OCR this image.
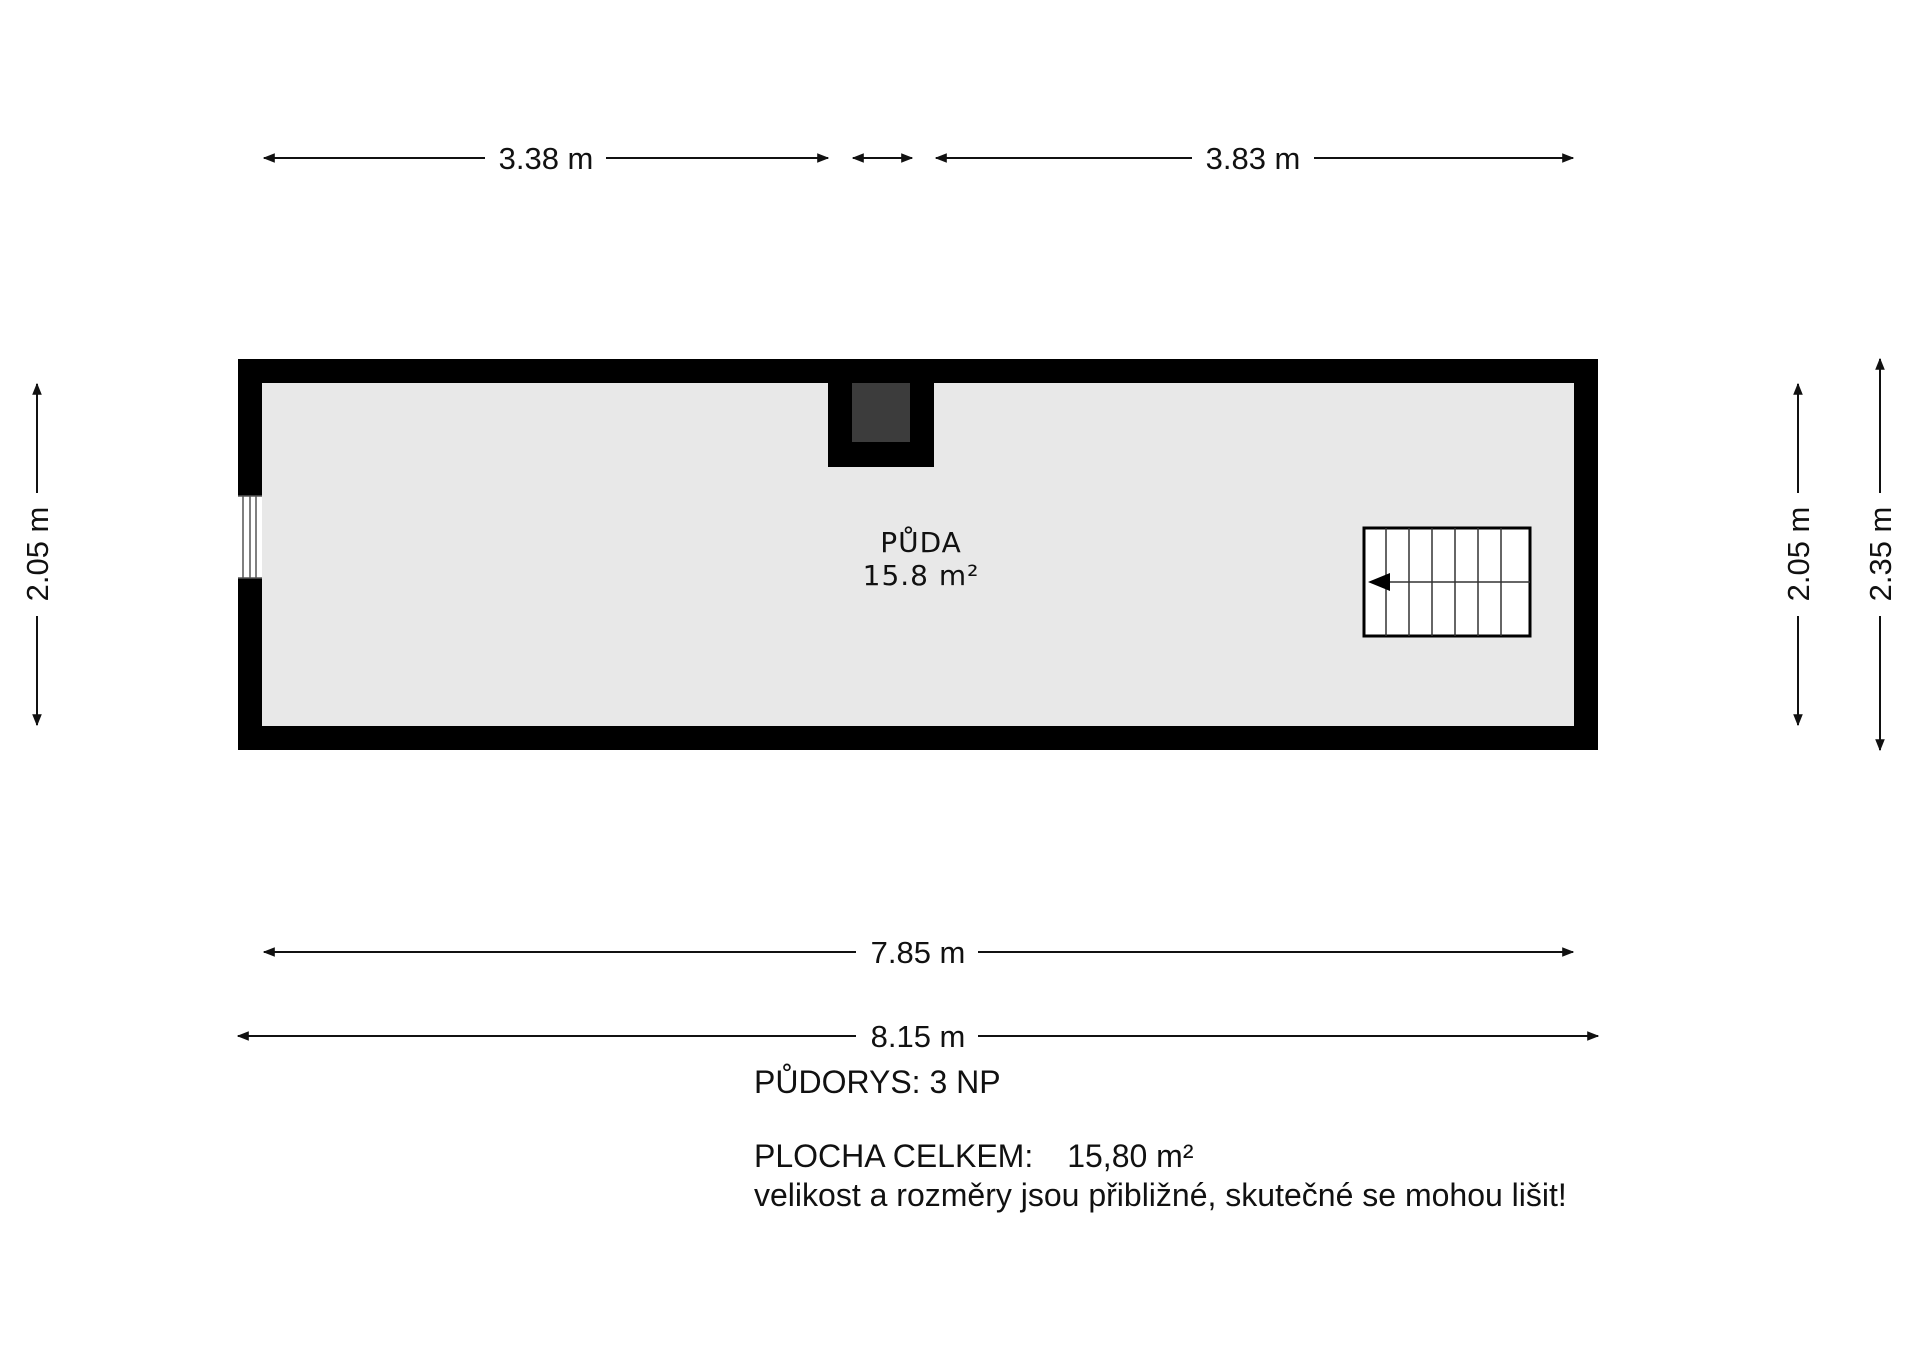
3.38 m	3.83 m
2.05 m	2.05 m 2.35 m
PŮDA
15.8 m²
7.85 m
8.15 m
PŮDORYS: 3 NP
PLOCHA CELKEM: 15,80 m²
velikost a rozměry jsou přibližné, skutečné se mohou lišit!
